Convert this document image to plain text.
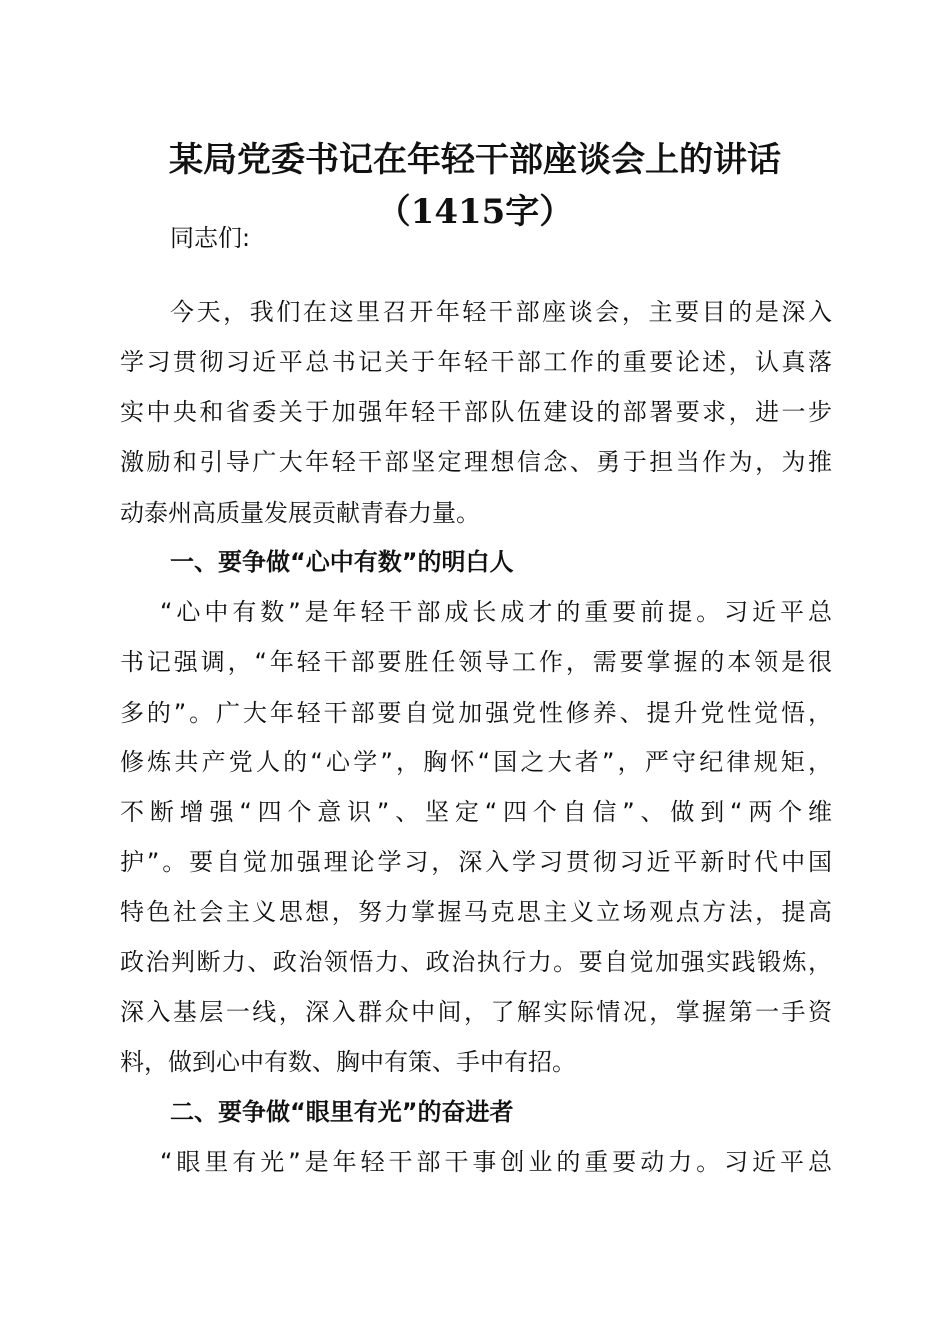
某局党委书记在年轻干部座谈会上的讲话
（1415字）
同志们:
今天，我们在这里召开年轻干部座谈会，主要目的是深入
学习贯彻习近平总书记关于年轻干部工作的重要论述，认真落
实中央和省委关于加强年轻干部队伍建设的部署要求，进一步
激励和引导广大年轻干部坚定理想信念、勇于担当作为，为推
动泰州高质量发展贡献青春力量。
一、要争做“心中有数”的明白人
“心中有数”是年轻干部成长成才的重要前提。习近平总
书记强调，“年轻干部要胜任领导工作，需要掌握的本领是很
多的”。广大年轻干部要自觉加强党性修养、提升党性觉悟，
修炼共产党人的“心学”，胸怀“国之大者”，严守纪律规矩，
不断增强“四个意识”、坚定“四个自信”、做到“两个维
护”。要自觉加强理论学习，深入学习贯彻习近平新时代中国
特色社会主义思想，努力掌握马克思主义立场观点方法，提高
政治判断力、政治领悟力、政治执行力。要自觉加强实践锻炼，
深入基层一线，深入群众中间，了解实际情况，掌握第一手资
料，做到心中有数、胸中有策、手中有招。
二、要争做“眼里有光”的奋进者
“眼里有光”是年轻干部干事创业的重要动力。习近平总
